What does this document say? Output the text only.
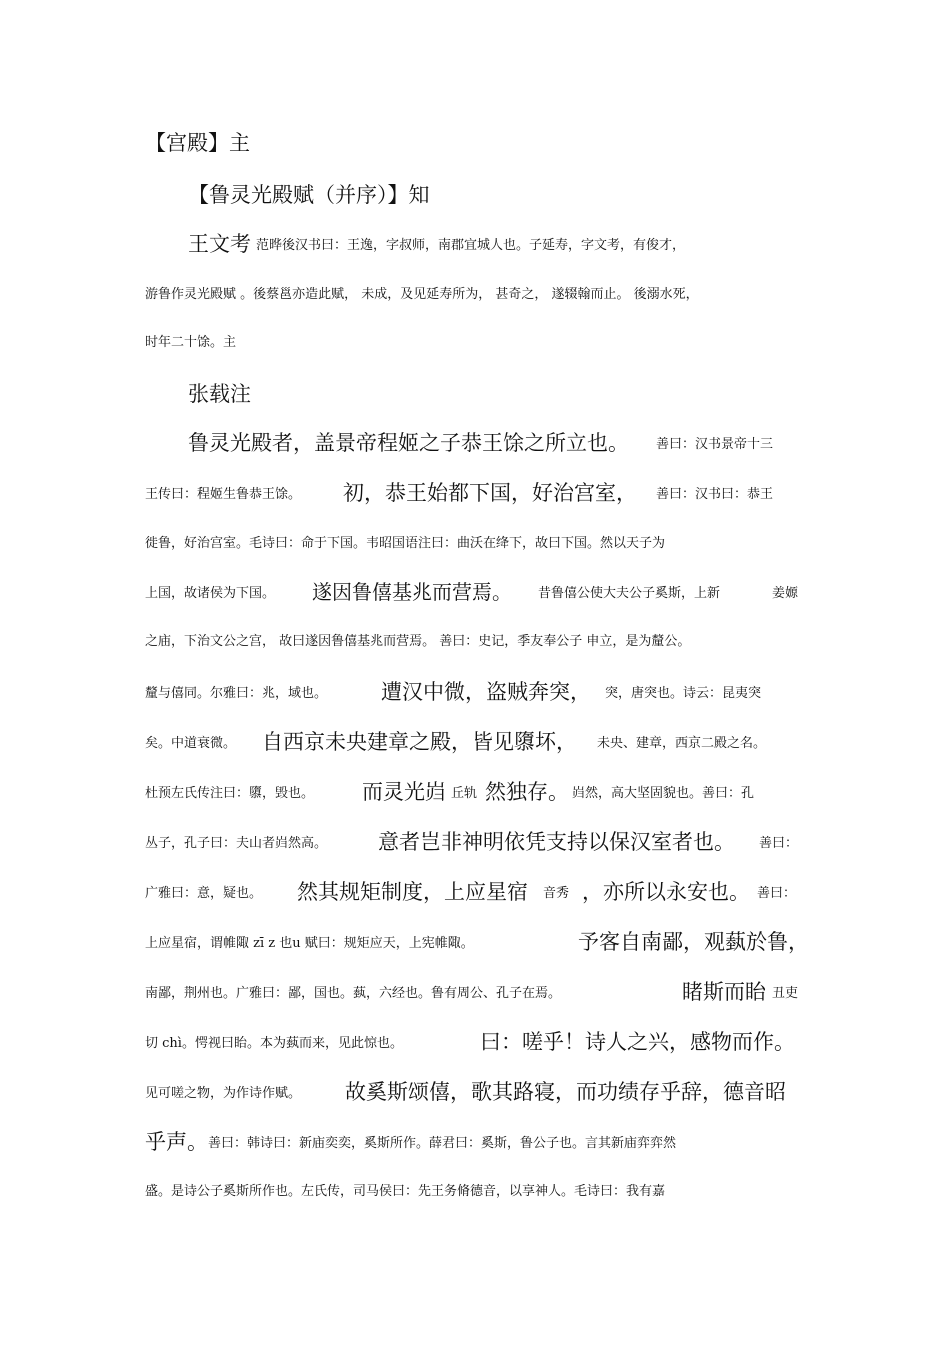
【宫殿】主
【鲁灵光殿赋（并序）】知
王文考 范晔後汉书曰：王逸，字叔师，南郡宜城人也。子延寿，字文考，有俊才，
游鲁作灵光殿赋 。後蔡邕亦造此赋， 未成，及见延寿所为， 甚奇之， 遂辍翰而止。 後溺水死，
时年二十馀。主
张载注
鲁灵光殿者，盖景帝程姬之子恭王馀之所立也。 善曰：汉书景帝十三
王传曰：程姬生鲁恭王馀。 初，恭王始都下国，好治宫室， 善曰：汉书曰：恭王
徙鲁，好治宫室。毛诗曰：命于下国。韦昭国语注曰：曲沃在绛下，故曰下国。然以天子为
上国，故诸侯为下国。 遂因鲁僖基兆而营焉。 昔鲁僖公使大夫公子奚斯，上新	姜嫄
之庙，下治文公之宫， 故曰遂因鲁僖基兆而营焉。 善曰：史记，季友奉公子 申立，是为釐公。
釐与僖同。尔雅曰：兆，域也。	遭汉中微，盗贼奔突， 突，唐突也。诗云：昆夷突
矣。中道衰微。 自西京未央建章之殿，皆见隳坏， 未央、建章，西京二殿之名。
杜预左氏传注曰：隳，毁也。 而灵光岿 丘轨 然独存。 岿然，高大坚固貌也。善曰：孔
丛子，孔子曰：夫山者岿然高。 意者岂非神明依凭支持以保汉室者也。 善曰：
广雅曰：意，疑也。 然其规矩制度，上应星宿 音秀 ，亦所以永安也。 善曰：
上应星宿，谓帷陬 zī z 也u 赋曰：规矩应天，上宪帷陬。	予客自南鄙，观蓺於鲁，
南鄙，荆州也。广雅曰：鄙，国也。蓺，六经也。鲁有周公、孔子在焉。	睹斯而眙 丑吏
切 chì。愕视曰眙。本为蓺而来，见此惊也。	曰：嗟乎！诗人之兴，感物而作。
见可嗟之物，为作诗作赋。 故奚斯颂僖，歌其路寝，而功绩存乎辞，德音昭
乎声。 善曰：韩诗曰：新庙奕奕，奚斯所作。薛君曰：奚斯，鲁公子也。言其新庙弈弈然
盛。是诗公子奚斯所作也。左氏传，司马侯曰：先王务脩德音，以享神人。毛诗曰：我有嘉
